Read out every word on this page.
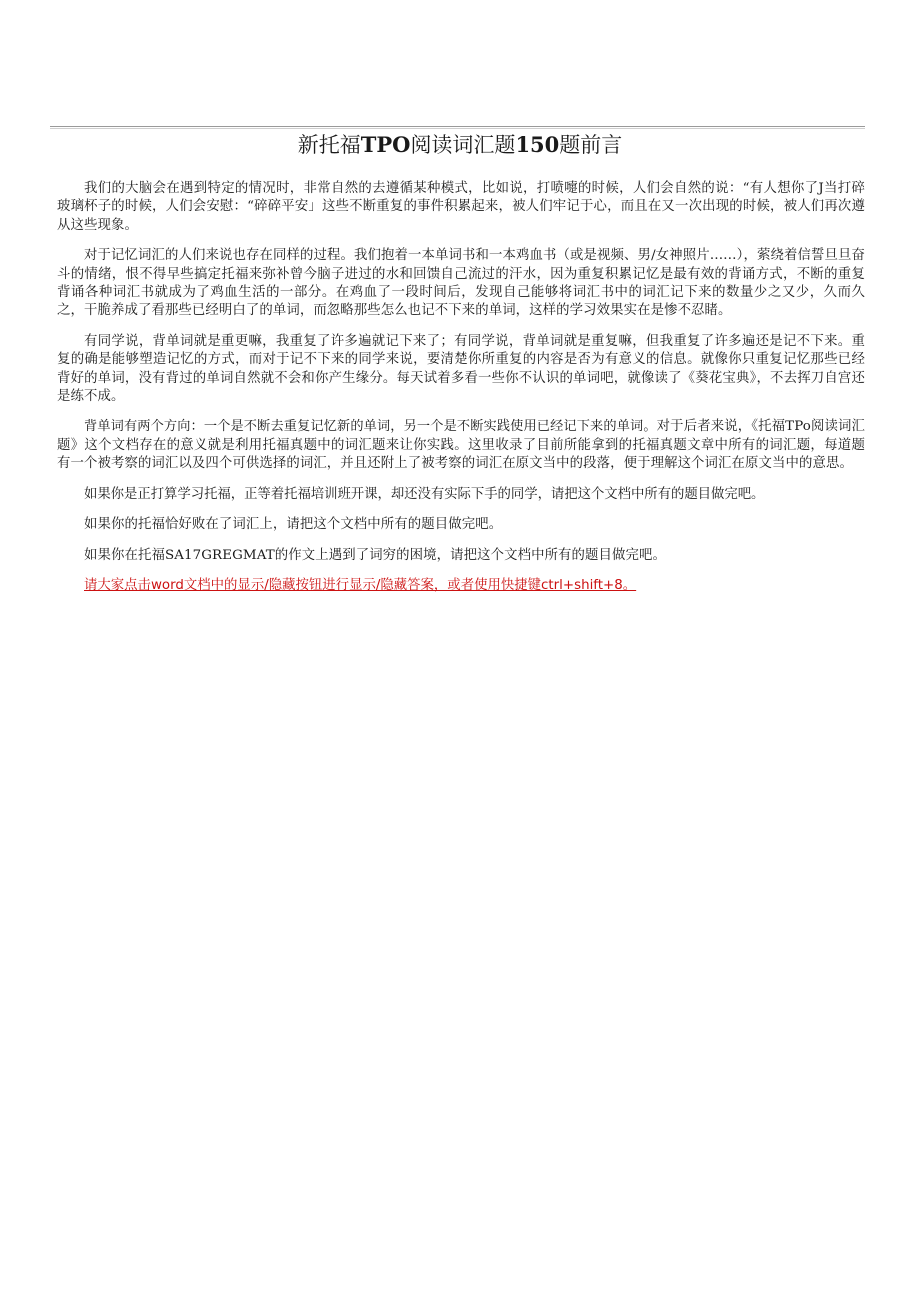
新托福TPO阅读词汇题150题前言

我们的大脑会在遇到特定的情况时，非常自然的去遵循某种模式，比如说，打喷嚏的时候，人们会自然的说：“有人想你了J当打碎玻璃杯子的时候，人们会安慰：“碎碎平安」这些不断重复的事件积累起来，被人们牢记于心，而且在又一次出现的时候，被人们再次遵从这些现象。

对于记忆词汇的人们来说也存在同样的过程。我们抱着一本单词书和一本鸡血书（或是视频、男/女神照片……），萦绕着信誓旦旦奋斗的情绪，恨不得早些搞定托福来弥补曾今脑子进过的水和回馈自己流过的汗水，因为重复积累记忆是最有效的背诵方式，不断的重复背诵各种词汇书就成为了鸡血生活的一部分。在鸡血了一段时间后，发现自己能够将词汇书中的词汇记下来的数量少之又少，久而久之，干脆养成了看那些已经明白了的单词，而忽略那些怎么也记不下来的单词，这样的学习效果实在是惨不忍睹。

有同学说，背单词就是重更嘛，我重复了许多遍就记下来了；有同学说，背单词就是重复嘛，但我重复了许多遍还是记不下来。重复的确是能够塑造记忆的方式，而对于记不下来的同学来说，要清楚你所重复的内容是否为有意义的信息。就像你只重复记忆那些已经背好的单词，没有背过的单词自然就不会和你产生缘分。每天试着多看一些你不认识的单词吧，就像读了《葵花宝典》，不去挥刀自宫还是练不成。

背单词有两个方向：一个是不断去重复记忆新的单词，另一个是不断实践使用已经记下来的单词。对于后者来说，《托福TPo阅读词汇题》这个文档存在的意义就是利用托福真题中的词汇题来让你实践。这里收录了目前所能拿到的托福真题文章中所有的词汇题，每道题有一个被考察的词汇以及四个可供选择的词汇，并且还附上了被考察的词汇在原文当中的段落，便于理解这个词汇在原文当中的意思。

如果你是正打算学习托福，正等着托福培训班开课，却还没有实际下手的同学，请把这个文档中所有的题目做完吧。

如果你的托福恰好败在了词汇上，请把这个文档中所有的题目做完吧。

如果你在托福SA17GREGMAT的作文上遇到了词穷的困境，请把这个文档中所有的题目做完吧。

请大家点击word文档中的显示/隐藏按钮进行显示/隐藏答案，或者使用快捷键ctrl+shift+8。
